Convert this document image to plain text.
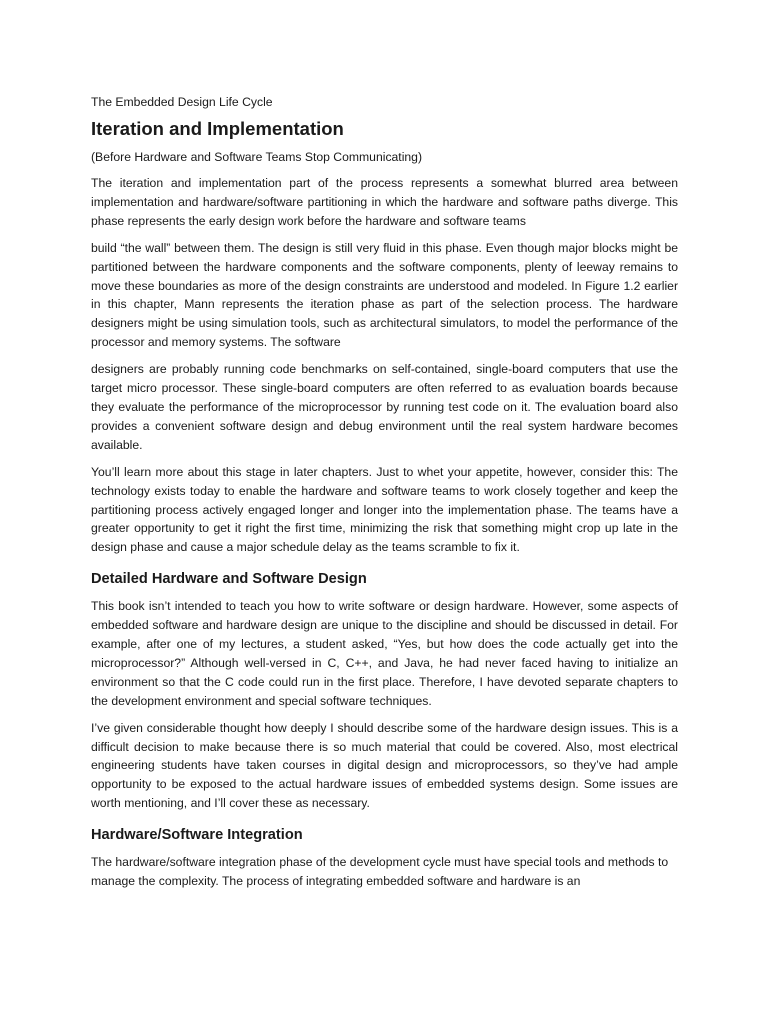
The Embedded Design Life Cycle
Iteration and Implementation
(Before Hardware and Software Teams Stop Communicating)

The iteration and implementation part of the process represents a somewhat blurred area between implementation and hardware/software partitioning in which the hardware and software paths diverge. This phase represents the early design work before the hardware and software teams

build “the wall” between them. The design is still very fluid in this phase. Even though major blocks might be partitioned between the hardware components and the software components, plenty of leeway remains to move these boundaries as more of the design constraints are understood and modeled. In Figure 1.2 earlier in this chapter, Mann represents the iteration phase as part of the selection process. The hardware designers might be using simulation tools, such as architectural simulators, to model the performance of the processor and memory systems. The software

designers are probably running code benchmarks on self-contained, single-board computers that use the target micro processor. These single-board computers are often referred to as evaluation boards because they evaluate the performance of the microprocessor by running test code on it. The evaluation board also provides a convenient software design and debug environment until the real system hardware becomes available.

You’ll learn more about this stage in later chapters. Just to whet your appetite, however, consider this: The technology exists today to enable the hardware and software teams to work closely together and keep the partitioning process actively engaged longer and longer into the implementation phase. The teams have a greater opportunity to get it right the first time, minimizing the risk that something might crop up late in the design phase and cause a major schedule delay as the teams scramble to fix it.

Detailed Hardware and Software Design

This book isn’t intended to teach you how to write software or design hardware. However, some aspects of embedded software and hardware design are unique to the discipline and should be discussed in detail. For example, after one of my lectures, a student asked, “Yes, but how does the code actually get into the microprocessor?” Although well-versed in C, C++, and Java, he had never faced having to initialize an environment so that the C code could run in the first place. Therefore, I have devoted separate chapters to the development environment and special software techniques.

I’ve given considerable thought how deeply I should describe some of the hardware design issues. This is a difficult decision to make because there is so much material that could be covered. Also, most electrical engineering students have taken courses in digital design and microprocessors, so they’ve had ample opportunity to be exposed to the actual hardware issues of embedded systems design. Some issues are worth mentioning, and I’ll cover these as necessary.

Hardware/Software Integration

The hardware/software integration phase of the development cycle must have special tools and methods to manage the complexity. The process of integrating embedded software and hardware is an
